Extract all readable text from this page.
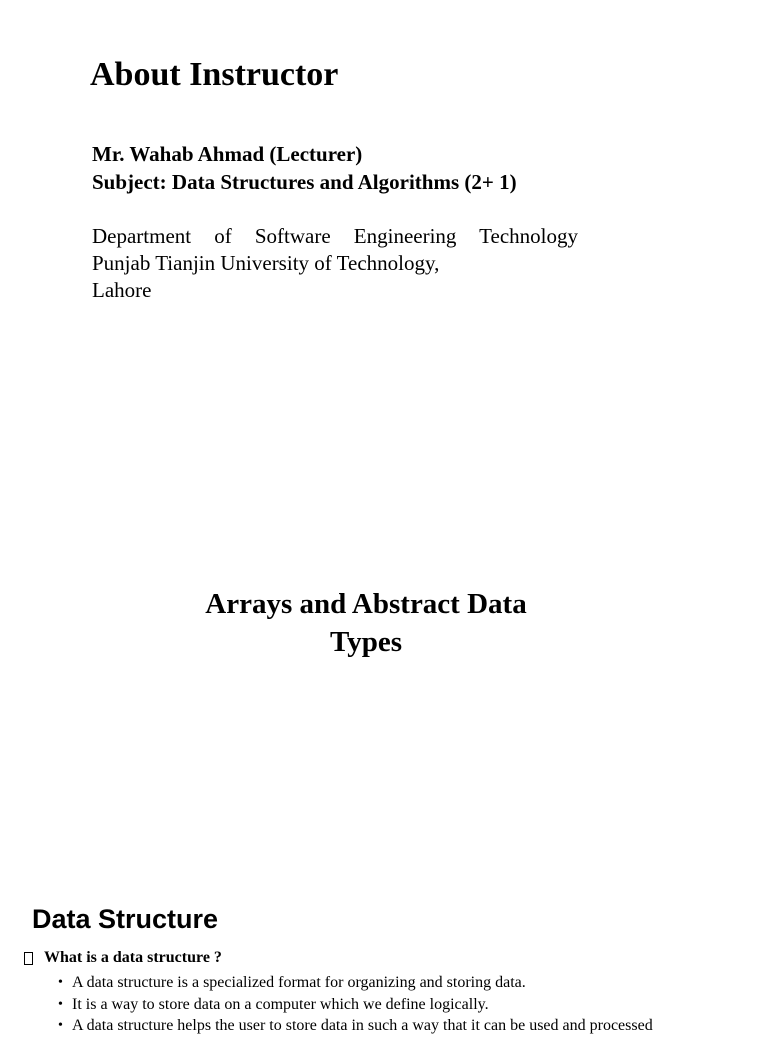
About Instructor
Mr. Wahab Ahmad (Lecturer)
Subject: Data Structures and Algorithms (2+ 1)
Department of Software Engineering Technology
Punjab Tianjin University of Technology,
Lahore
Arrays and Abstract Data
Types
Data Structure
What is a data structure ?
• A data structure is a specialized format for organizing and storing data.
• It is a way to store data on a computer which we define logically.
• A data structure helps the user to store data in such a way that it can be used and processed
